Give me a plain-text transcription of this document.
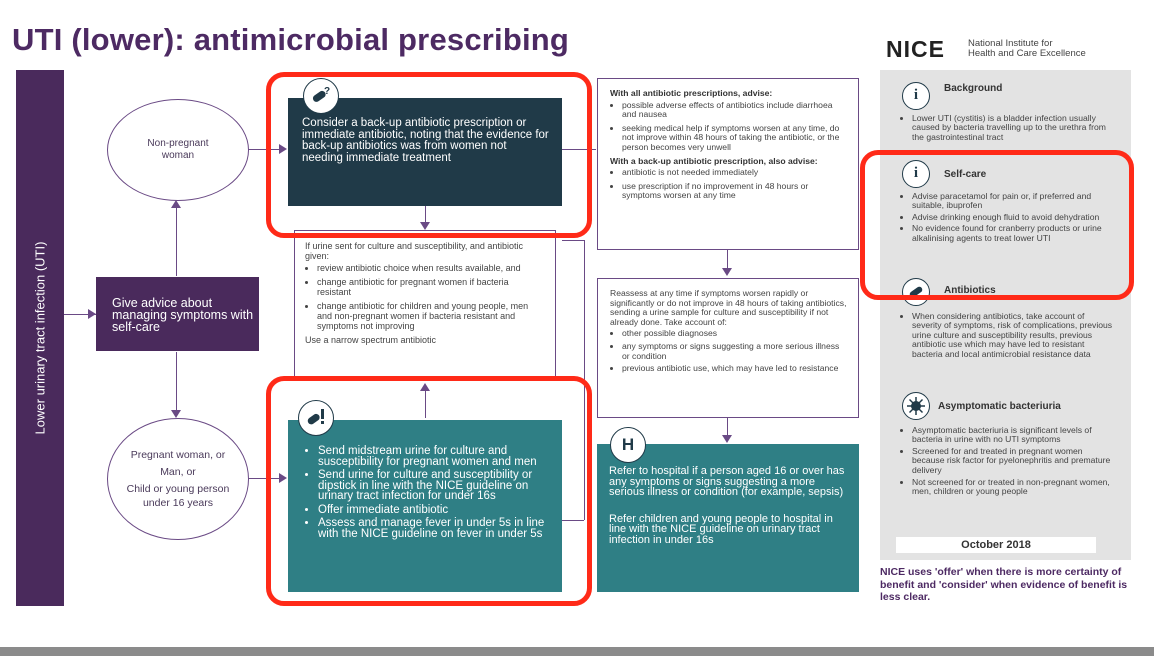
UTI (lower): antimicrobial prescribing	NICE National Institute for
Health and Care Excellence
Lower urinary tract infection (UTI)
Non-pregnant woman
Give advice about managing symptoms with self-care
Pregnant woman, or
Man, or
Child or young person under 16 years
Consider a back-up antibiotic prescription or immediate antibiotic, noting that the evidence for back-up antibiotics was from women not needing immediate treatment
?
If urine sent for culture and susceptibility, and antibiotic given:
• review antibiotic choice when results available, and
• change antibiotic for pregnant women if bacteria resistant
• change antibiotic for children and young people, men and non-pregnant women if bacteria resistant and symptoms not improving
Use a narrow spectrum antibiotic
• Send midstream urine for culture and susceptibility for pregnant women and men
• Send urine for culture and susceptibility or dipstick in line with the NICE guideline on urinary tract infection for under 16s
• Offer immediate antibiotic
• Assess and manage fever in under 5s in line with the NICE guideline on fever in under 5s
With all antibiotic prescriptions, advise:
• possible adverse effects of antibiotics include diarrhoea and nausea
• seeking medical help if symptoms worsen at any time, do not improve within 48 hours of taking the antibiotic, or the person becomes very unwell
With a back-up antibiotic prescription, also advise:
• antibiotic is not needed immediately
• use prescription if no improvement in 48 hours or symptoms worsen at any time
Reassess at any time if symptoms worsen rapidly or significantly or do not improve in 48 hours of taking antibiotics, sending a urine sample for culture and susceptibility if not already done. Take account of:
• other possible diagnoses
• any symptoms or signs suggesting a more serious illness or condition
• previous antibiotic use, which may have led to resistance

Refer to hospital if a person aged 16 or over has any symptoms or signs suggesting a more serious illness or condition (for example, sepsis)

Refer children and young people to hospital in line with the NICE guideline on urinary tract infection in under 16s

H
i	Background
• Lower UTI (cystitis) is a bladder infection usually caused by bacteria travelling up to the urethra from the gastrointestinal tract
i	Self-care
• Advise paracetamol for pain or, if preferred and suitable, ibuprofen
• Advise drinking enough fluid to avoid dehydration
• No evidence found for cranberry products or urine alkalinising agents to treat lower UTI
Antibiotics
• When considering antibiotics, take account of severity of symptoms, risk of complications, previous urine culture and susceptibility results, previous antibiotic use which may have led to resistant bacteria and local antimicrobial resistance data
Asymptomatic bacteriuria
• Asymptomatic bacteriuria is significant levels of bacteria in urine with no UTI symptoms
• Screened for and treated in pregnant women because risk factor for pyelonephritis and premature delivery
• Not screened for or treated in non-pregnant women, men, children or young people
October 2018
NICE uses 'offer' when there is more certainty of benefit and 'consider' when evidence of benefit is less clear.
